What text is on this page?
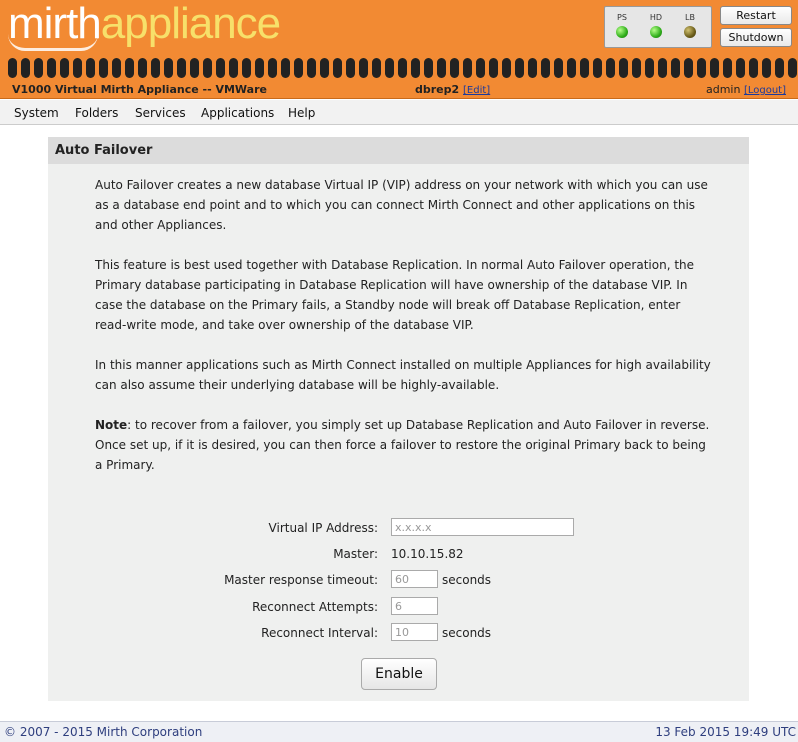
mirthappliance	PS	HD	LB	Restart
Shutdown
V1000 Virtual Mirth Appliance -- VMWare	dbrep2 [Edit]	admin [Logout]
System Folders Services Applications Help
Auto Failover
Auto Failover creates a new database Virtual IP (VIP) address on your network with which you can use as a database end point and to which you can connect Mirth Connect and other applications on this and other Appliances.
This feature is best used together with Database Replication. In normal Auto Failover operation, the Primary database participating in Database Replication will have ownership of the database VIP. In case the database on the Primary fails, a Standby node will break off Database Replication, enter read-write mode, and take over ownership of the database VIP.
In this manner applications such as Mirth Connect installed on multiple Appliances for high availability can also assume their underlying database will be highly-available.
Note: to recover from a failover, you simply set up Database Replication and Auto Failover in reverse. Once set up, if it is desired, you can then force a failover to restore the original Primary back to being a Primary.
Virtual IP Address:	x.x.x.x
Master: 10.10.15.82
Master response timeout:	60	seconds
Reconnect Attempts:	6
Reconnect Interval:	10	seconds
Enable
© 2007 - 2015 Mirth Corporation	13 Feb 2015 19:49 UTC
